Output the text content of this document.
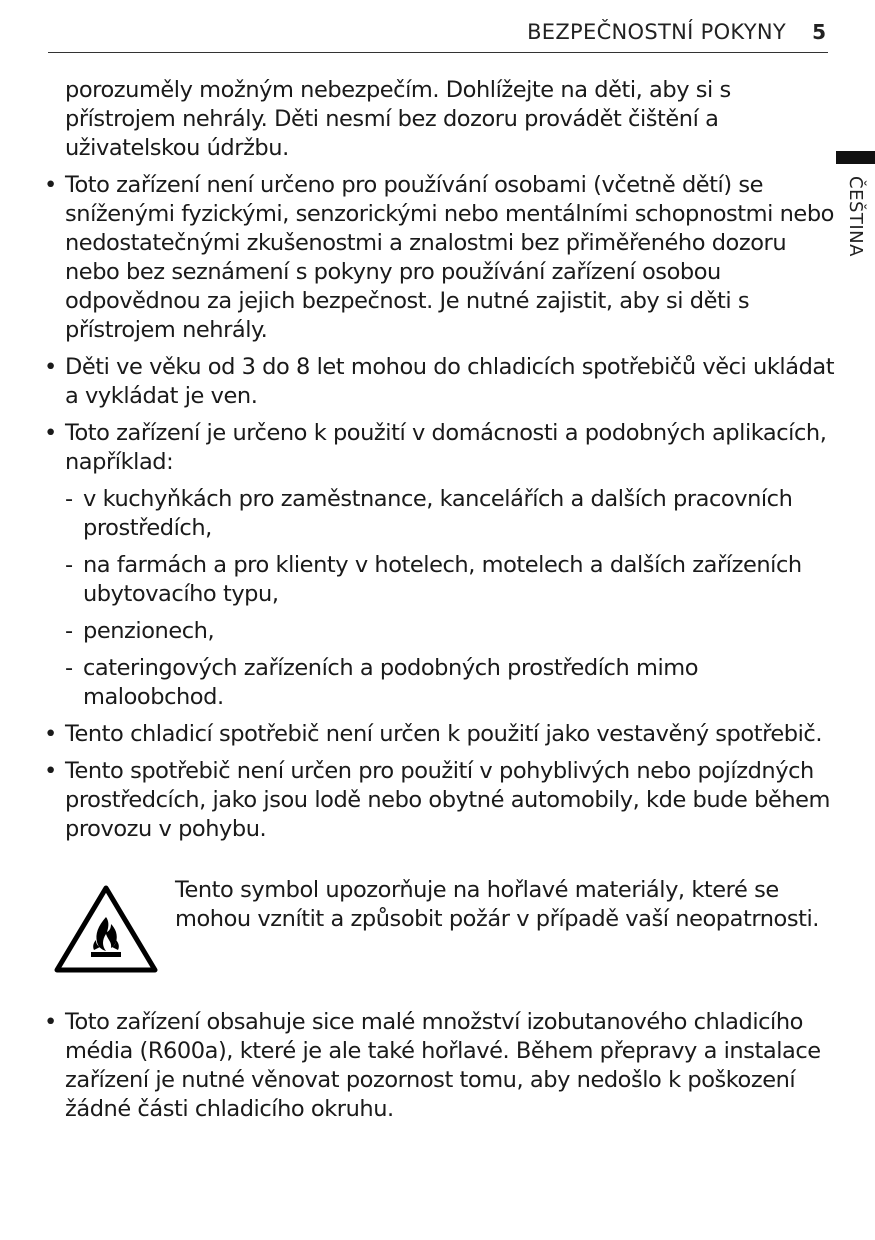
BEZPEČNOSTNÍ POKYNY 5
ČEŠTINA

porozuměly možným nebezpečím. Dohlížejte na děti, aby si s přístrojem nehrály. Děti nesmí bez dozoru provádět čištění a uživatelskou údržbu.

• Toto zařízení není určeno pro používání osobami (včetně dětí) se sníženými fyzickými, senzorickými nebo mentálními schopnostmi nebo nedostatečnými zkušenostmi a znalostmi bez přiměřeného dozoru nebo bez seznámení s pokyny pro používání zařízení osobou odpovědnou za jejich bezpečnost. Je nutné zajistit, aby si děti s přístrojem nehrály.
• Děti ve věku od 3 do 8 let mohou do chladicích spotřebičů věci ukládat a vykládat je ven.
• Toto zařízení je určeno k použití v domácnosti a podobných aplikacích, například:
- v kuchyňkách pro zaměstnance, kancelářích a dalších pracovních prostředích,
- na farmách a pro klienty v hotelech, motelech a dalších zařízeních ubytovacího typu,
- penzionech,
- cateringových zařízeních a podobných prostředích mimo maloobchod.
• Tento chladicí spotřebič není určen k použití jako vestavěný spotřebič.
• Tento spotřebič není určen pro použití v pohyblivých nebo pojízdných prostředcích, jako jsou lodě nebo obytné automobily, kde bude během provozu v pohybu.
Tento symbol upozorňuje na hořlavé materiály, které se mohou vznítit a způsobit požár v případě vaší neopatrnosti.
• Toto zařízení obsahuje sice malé množství izobutanového chladicího média (R600a), které je ale také hořlavé. Během přepravy a instalace zařízení je nutné věnovat pozornost tomu, aby nedošlo k poškození žádné části chladicího okruhu.
